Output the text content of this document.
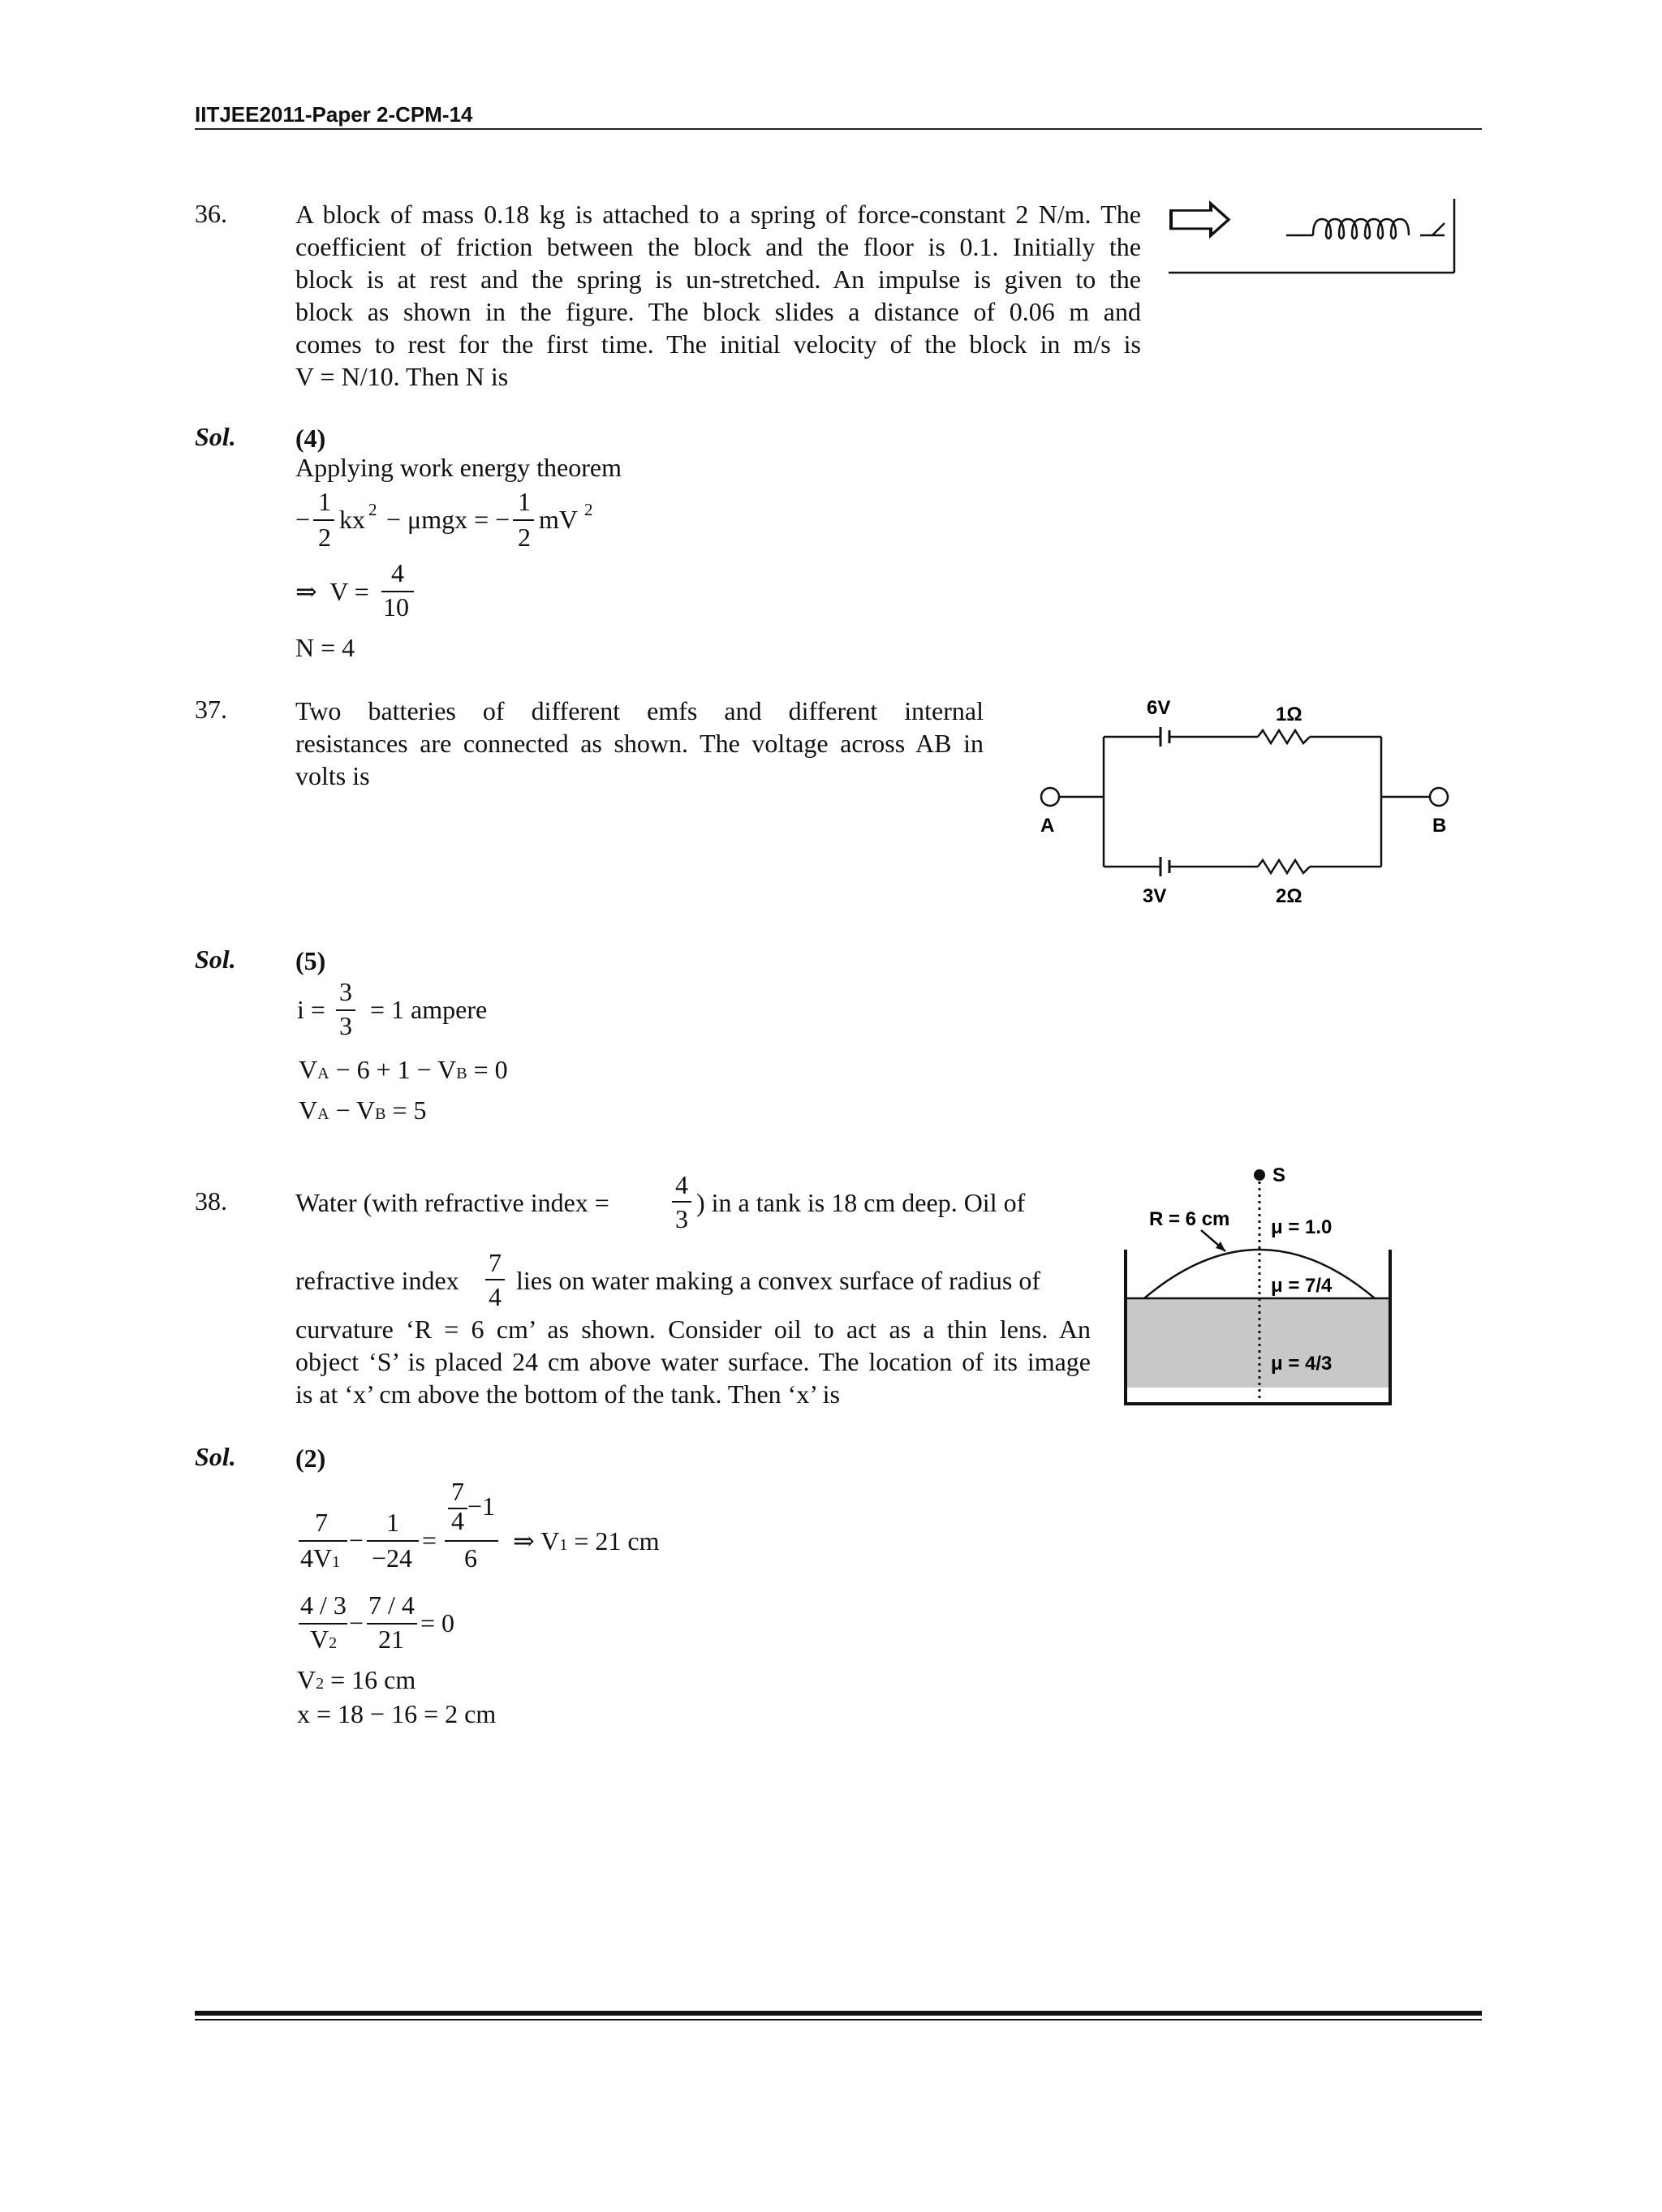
IITJEE2011-Paper 2-CPM-14
36.	A block of mass 0.18 kg is attached to a spring of force-constant 2 N/m. The
coefficient of friction between the block and the floor is 0.1. Initially the
block is at rest and the spring is un-stretched. An impulse is given to the
block as shown in the figure. The block slides a distance of 0.06 m and
comes to rest for the first time. The initial velocity of the block in m/s is
V = N/10. Then N is
Sol. (4)
Applying work energy theorem
−
1
2
kx 2 − μmgx = −
1
2
mV 2
⇒  V =
4
10
N = 4
37.	Two batteries of different emfs and different internal
resistances are connected as shown. The voltage across AB in
volts is
6V	1Ω
A	B
3V	2Ω
Sol. (5)
i =
3
3
= 1 ampere
VA − 6 + 1 − VB = 0
VA − VB = 5
38.	Water (with refractive index =
4
3
) in a tank is 18 cm deep. Oil of
refractive index
7
4
lies on water making a convex surface of radius of
curvature ‘R = 6 cm’ as shown. Consider oil to act as a thin lens. An
object ‘S’ is placed 24 cm above water surface. The location of its image
is at ‘x’ cm above the bottom of the tank. Then ‘x’ is
S
R = 6 cm μ = 1.0
μ = 7/4
μ = 4/3
Sol. (2)
7
4V1
−
1
−24
=
7
4 −1
6
⇒ V1 = 21 cm
4 / 3
V2
−
7 / 4
21
= 0
V2 = 16 cm
x = 18 − 16 = 2 cm
